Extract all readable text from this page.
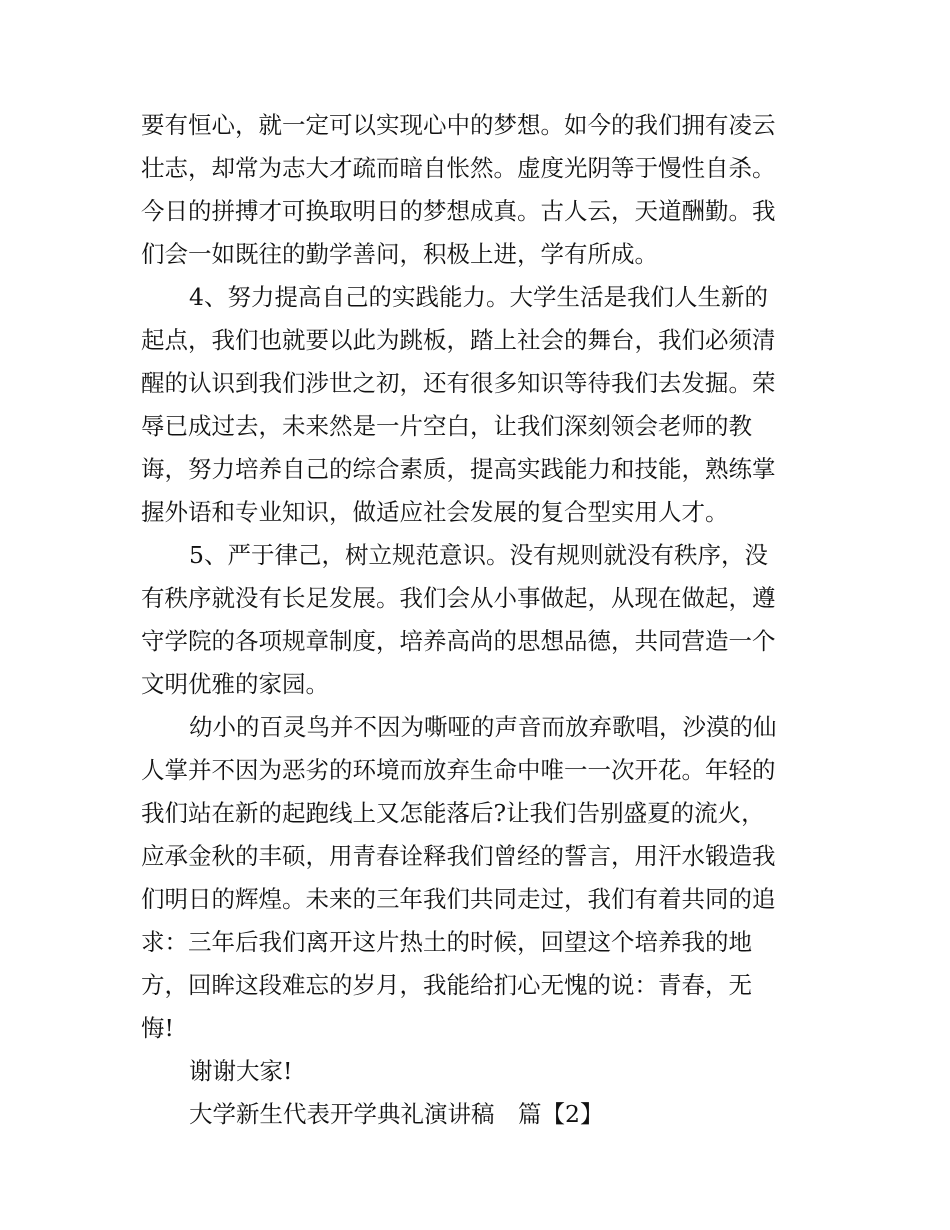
要有恒心，就一定可以实现心中的梦想。如今的我们拥有凌云
壮志，却常为志大才疏而暗自怅然。虚度光阴等于慢性自杀。
今日的拼搏才可换取明日的梦想成真。古人云，天道酬勤。我
们会一如既往的勤学善问，积极上进，学有所成。
4、努力提高自己的实践能力。大学生活是我们人生新的
起点，我们也就要以此为跳板，踏上社会的舞台，我们必须清
醒的认识到我们涉世之初，还有很多知识等待我们去发掘。荣
辱已成过去，未来然是一片空白，让我们深刻领会老师的教
诲，努力培养自己的综合素质，提高实践能力和技能，熟练掌
握外语和专业知识，做适应社会发展的复合型实用人才。
5、严于律己，树立规范意识。没有规则就没有秩序，没
有秩序就没有长足发展。我们会从小事做起，从现在做起，遵
守学院的各项规章制度，培养高尚的思想品德，共同营造一个
文明优雅的家园。
幼小的百灵鸟并不因为嘶哑的声音而放弃歌唱，沙漠的仙
人掌并不因为恶劣的环境而放弃生命中唯一一次开花。年轻的
我们站在新的起跑线上又怎能落后?让我们告别盛夏的流火，
应承金秋的丰硕，用青春诠释我们曾经的誓言，用汗水锻造我
们明日的辉煌。未来的三年我们共同走过，我们有着共同的追
求：三年后我们离开这片热土的时候，回望这个培养我的地
方，回眸这段难忘的岁月，我能给扪心无愧的说：青春，无
悔!
谢谢大家!
大学新生代表开学典礼演讲稿　篇【2】
